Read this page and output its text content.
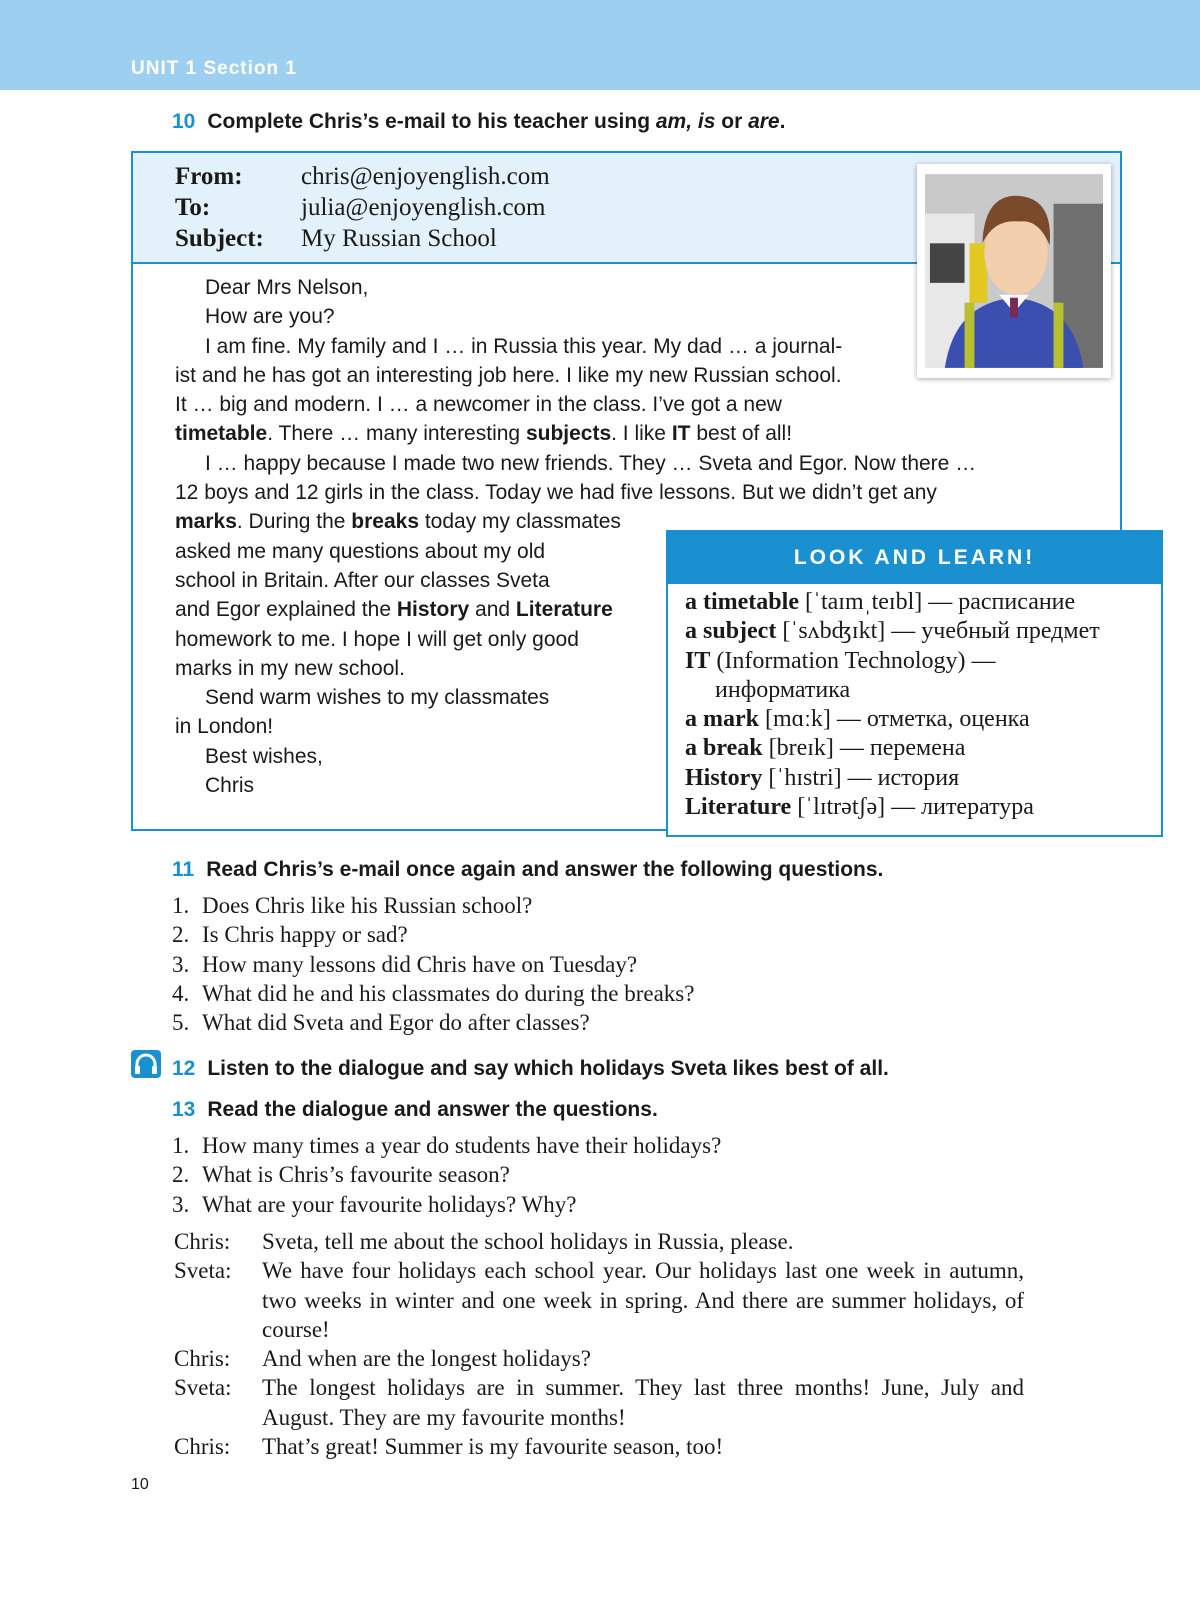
UNIT 1 Section 1
10 Complete Chris’s e-mail to his teacher using am, is or are.
From:	chris@enjoyenglish.com
To:	julia@enjoyenglish.com
Subject:	My Russian School
Dear Mrs Nelson,
How are you?
I am fine. My family and I … in Russia this year. My dad … a journal-
ist and he has got an interesting job here. I like my new Russian school.
It … big and modern. I … a newcomer in the class. I’ve got a new
timetable. There … many interesting subjects. I like IT best of all!
I … happy because I made two new friends. They … Sveta and Egor. Now there …
12 boys and 12 girls in the class. Today we had five lessons. But we didn’t get any
marks. During the breaks today my classmates
asked me many questions about my old
school in Britain. After our classes Sveta
and Egor explained the History and Literature
homework to me. I hope I will get only good
marks in my new school.
Send warm wishes to my classmates
in London!
Best wishes,
Chris
LOOK AND LEARN!
a timetable [ˈtaɪmˌteɪbl] — расписание
a subject [ˈsʌbʤɪkt] — учебный предмет
IT (Information Technology) —
информатика
a mark [mɑːk] — отметка, оценка
a break [breɪk] — перемена
History [ˈhɪstri] — история
Literature [ˈlɪtrətʃə] — литература
11 Read Chris’s e-mail once again and answer the following questions.
1. Does Chris like his Russian school?
2. Is Chris happy or sad?
3. How many lessons did Chris have on Tuesday?
4. What did he and his classmates do during the breaks?
5. What did Sveta and Egor do after classes?
12 Listen to the dialogue and say which holidays Sveta likes best of all.
13 Read the dialogue and answer the questions.
1. How many times a year do students have their holidays?
2. What is Chris’s favourite season?
3. What are your favourite holidays? Why?
Chris:	Sveta, tell me about the school holidays in Russia, please.
Sveta:	We have four holidays each school year. Our holidays last one week in autumn, two weeks in winter and one week in spring. And there are summer holidays, of course!
Chris:	And when are the longest holidays?
Sveta:	The longest holidays are in summer. They last three months! June, July and August. They are my favourite months!
Chris:	That’s great! Summer is my favourite season, too!
10
